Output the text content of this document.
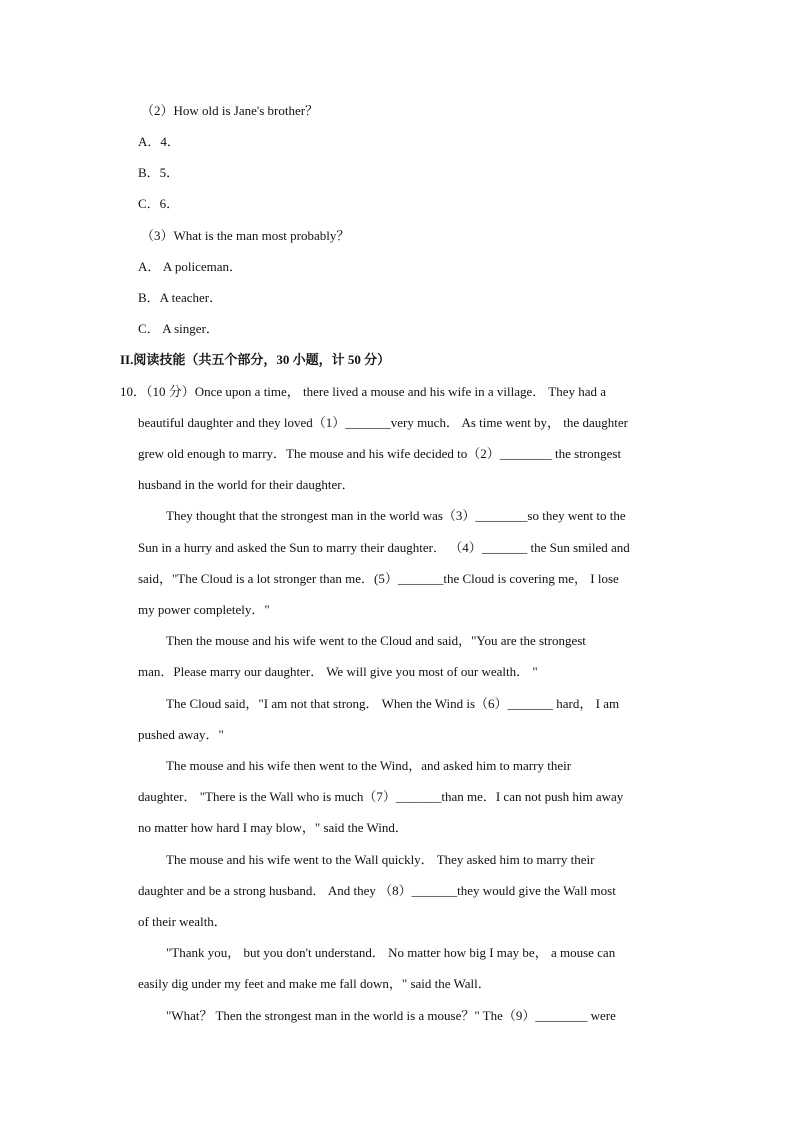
（2）How old is Jane's brother？
A．4．
B．5．
C．6．
（3）What is the man most probably？
A． A policeman．
B．A teacher．
C． A singer．
II.阅读技能（共五个部分，30 小题，计 50 分）
10．（10 分）Once upon a time， there lived a mouse and his wife in a village． They had a
beautiful daughter and they loved（1）_______very much． As time went by， the daughter
grew old enough to marry．The mouse and his wife decided to（2）________ the strongest
husband in the world for their daughter．
They thought that the strongest man in the world was（3）________so they went to the
Sun in a hurry and asked the Sun to marry their daughter． （4）_______ the Sun smiled and
said，"The Cloud is a lot stronger than me．(5）_______the Cloud is covering me， I lose
my power completely．"
Then the mouse and his wife went to the Cloud and said，"You are the strongest
man．Please marry our daughter． We will give you most of our wealth． "
The Cloud said，"I am not that strong． When the Wind is（6）_______ hard， I am
pushed away．"
The mouse and his wife then went to the Wind，and asked him to marry their
daughter． "There is the Wall who is much（7）_______than me．I can not push him away
no matter how hard I may blow，" said the Wind．
The mouse and his wife went to the Wall quickly． They asked him to marry their
daughter and be a strong husband． And they （8）_______they would give the Wall most
of their wealth．
"Thank you， but you don't understand． No matter how big I may be， a mouse can
easily dig under my feet and make me fall down，" said the Wall．
"What？ Then the strongest man in the world is a mouse？" The（9）________ were
